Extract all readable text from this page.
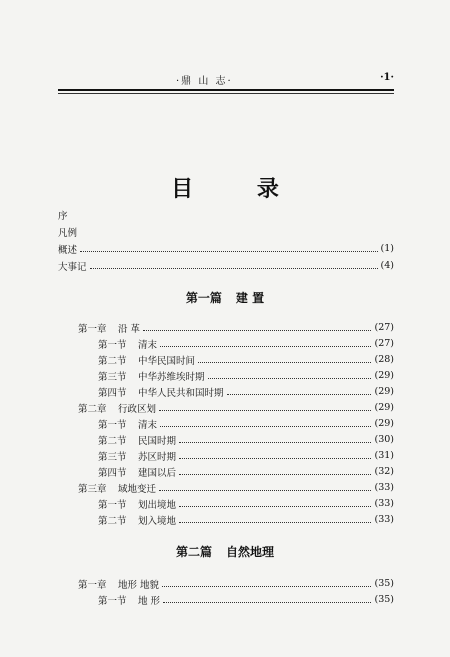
·鼎 山 志·	·1·
目 录
序
凡例
概述	(1)
大事记	(4)
第一篇 建 置
第一章 沿 革	(27)
第一节 清末	(27)
第二节 中华民国时间	(28)
第三节 中华苏维埃时期	(29)
第四节 中华人民共和国时期	(29)
第二章 行政区划	(29)
第一节 清末	(29)
第二节 民国时期	(30)
第三节 苏区时期	(31)
第四节 建国以后	(32)
第三章 域地变迁	(33)
第一节 划出境地	(33)
第二节 划入境地	(33)
第二篇 自然地理
第一章 地形 地貌	(35)
第一节 地 形	(35)
